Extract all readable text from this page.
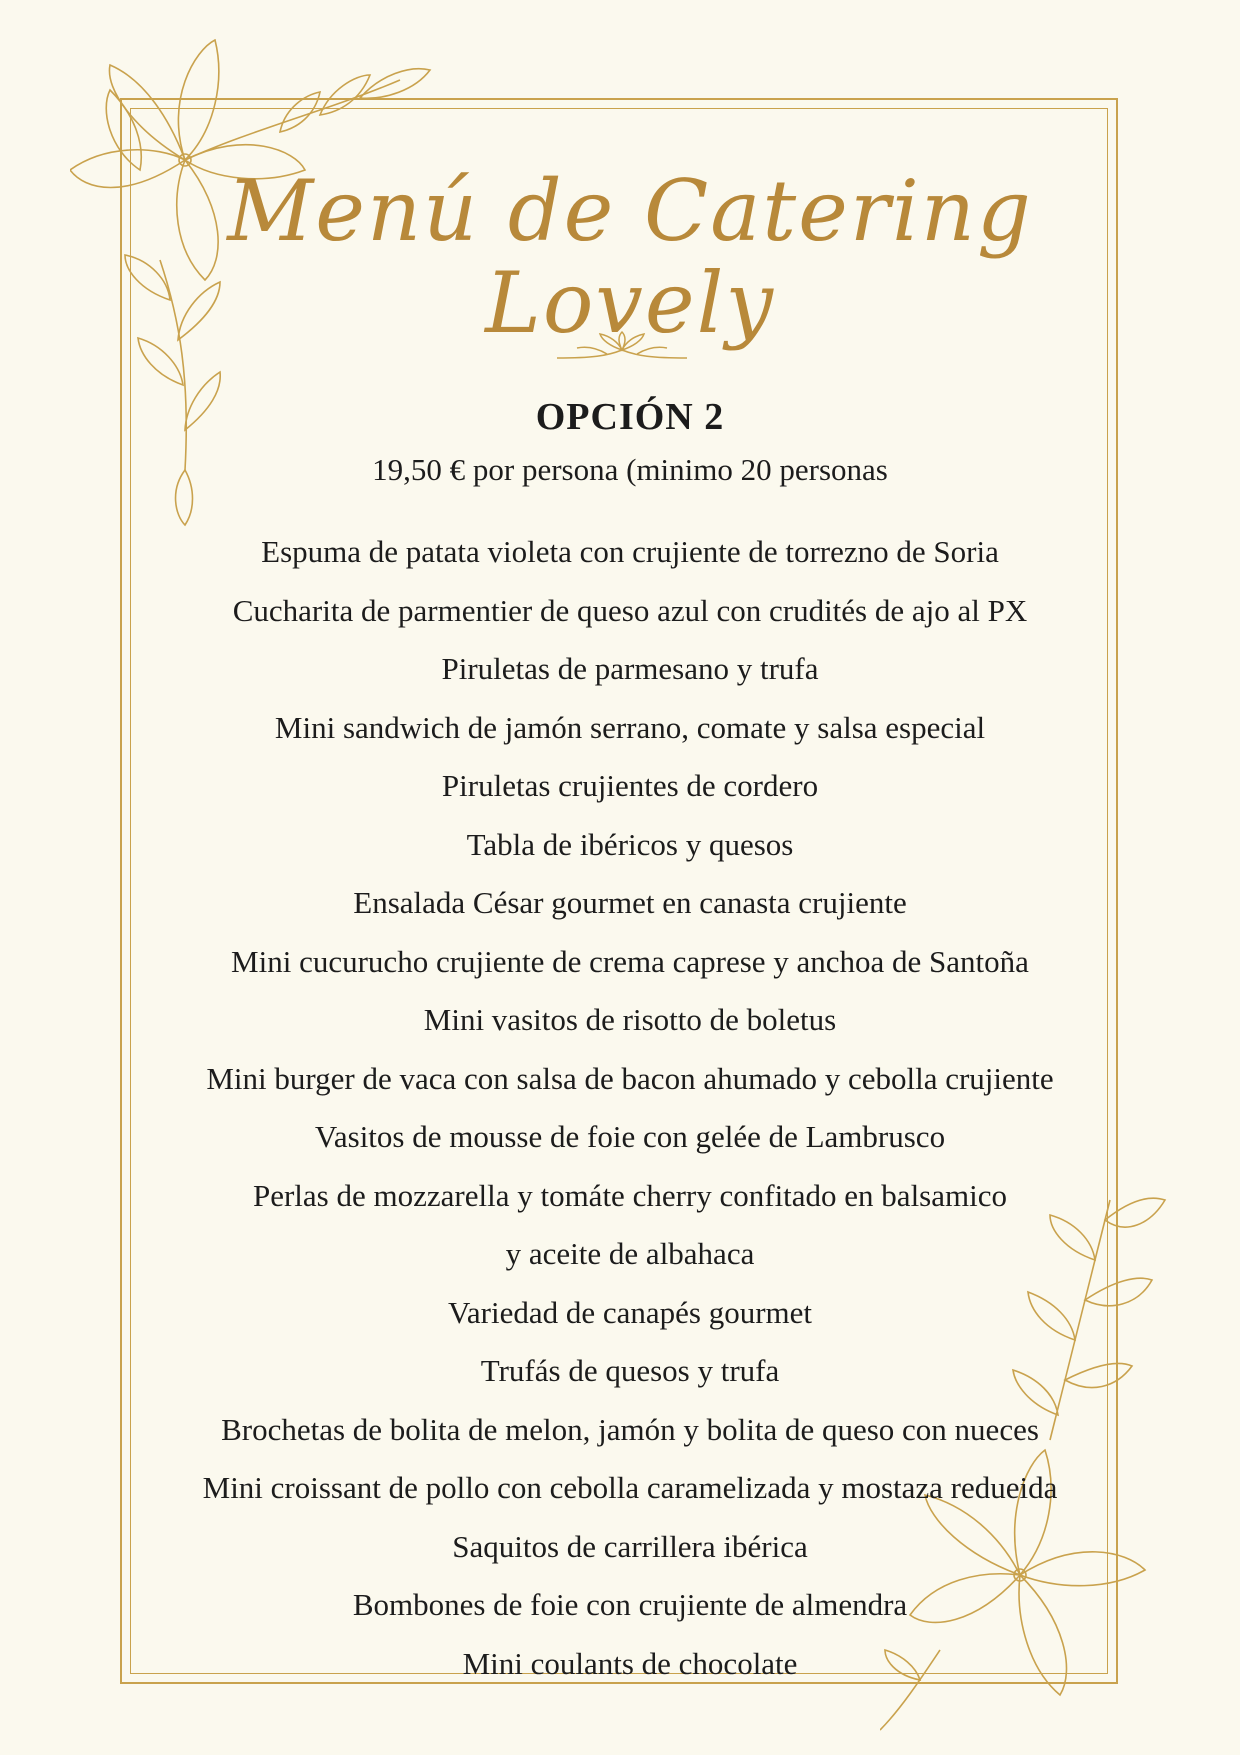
Menú de Catering Lovely
OPCIÓN 2
19,50 € por persona (minimo 20 personas
Espuma de patata violeta con crujiente de torrezno de Soria
Cucharita de parmentier de queso azul con crudités de ajo al PX
Piruletas de parmesano y trufa
Mini sandwich de jamón serrano, comate y salsa especial
Piruletas crujientes de cordero
Tabla de ibéricos y quesos
Ensalada César gourmet en canasta crujiente
Mini cucurucho crujiente de crema caprese y anchoa de Santoña
Mini vasitos de risotto de boletus
Mini burger de vaca con salsa de bacon ahumado y cebolla crujiente
Vasitos de mousse de foie con gelée de Lambrusco
Perlas de mozzarella y tomáte cherry confitado en balsamico
y aceite de albahaca
Variedad de canapés gourmet
Trufás de quesos y trufa
Brochetas de bolita de melon, jamón y bolita de queso con nueces
Mini croissant de pollo con cebolla caramelizada y mostaza redueida
Saquitos de carrillera ibérica
Bombones de foie con crujiente de almendra
Mini coulants de chocolate
